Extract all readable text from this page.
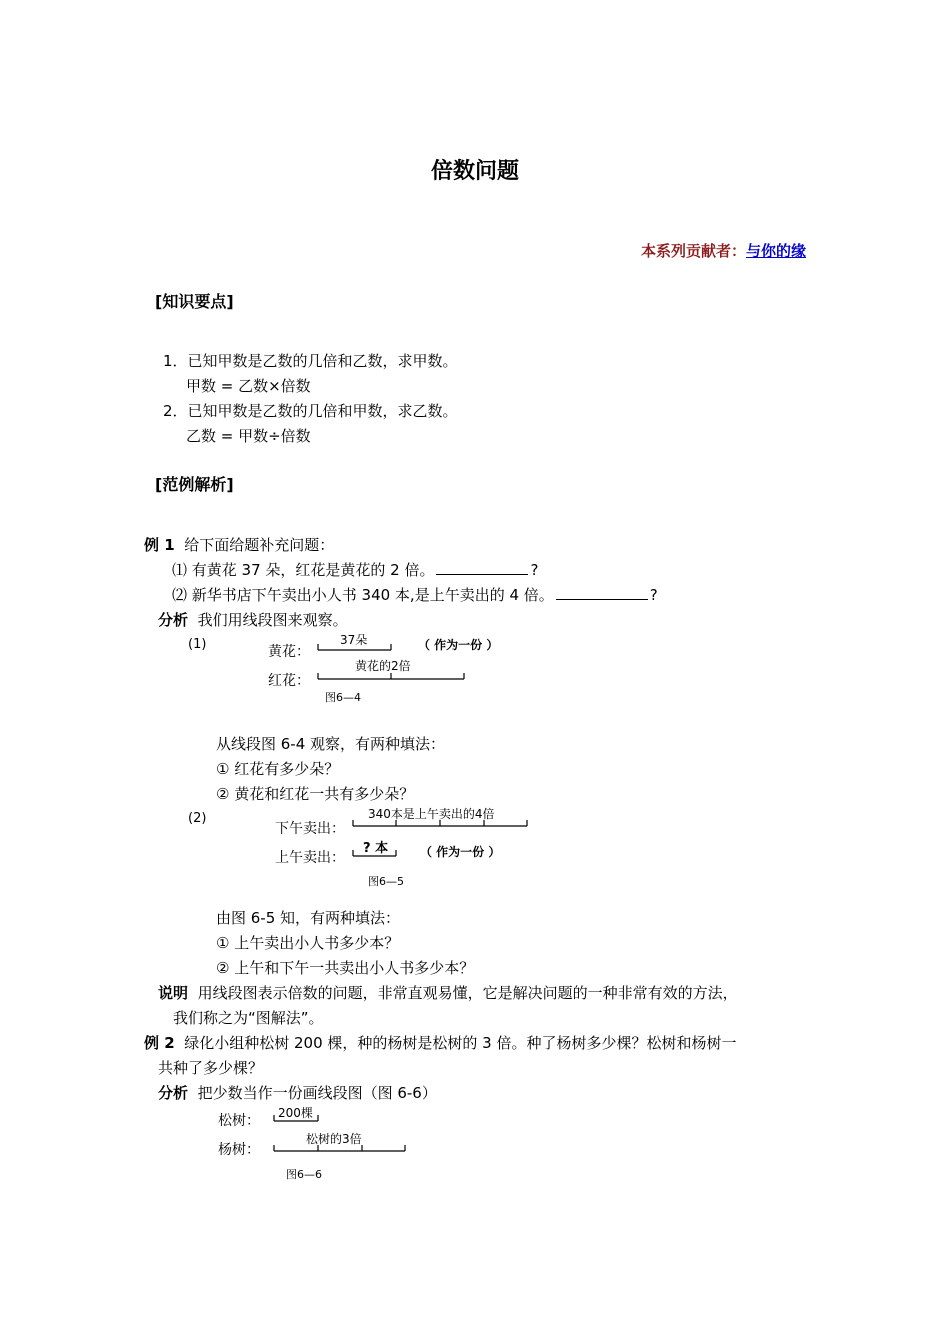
倍数问题
本系列贡献者：与你的缘
[知识要点]
1．已知甲数是乙数的几倍和乙数，求甲数。
甲数 = 乙数×倍数
2．已知甲数是乙数的几倍和甲数，求乙数。
乙数 = 甲数÷倍数
[范例解析]
例 1 给下面给题补充问题：
⑴ 有黄花 37 朵，红花是黄花的 2 倍。	?
⑵ 新华书店下午卖出小人书 340 本,是上午卖出的 4 倍。	?
分析 我们用线段图来观察。
(1)	黄花：
红花：
37朵	（ 作为一份 ）
黄花的2倍
图6—4
从线段图 6-4 观察，有两种填法：
① 红花有多少朵？
② 黄花和红花一共有多少朵？
(2)
下午卖出：
上午卖出：
340本是上午卖出的4倍
? 本	（ 作为一份 ）
图6—5
由图 6-5 知，有两种填法：
① 上午卖出小人书多少本？
② 上午和下午一共卖出小人书多少本？
说明 用线段图表示倍数的问题，非常直观易懂，它是解决问题的一种非常有效的方法，
我们称之为“图解法”。
例 2 绿化小组种松树 200 棵，种的杨树是松树的 3 倍。种了杨树多少棵？松树和杨树一
共种了多少棵？
分析 把少数当作一份画线段图（图 6-6）
松树：
杨树：
200棵
松树的3倍
图6—6
